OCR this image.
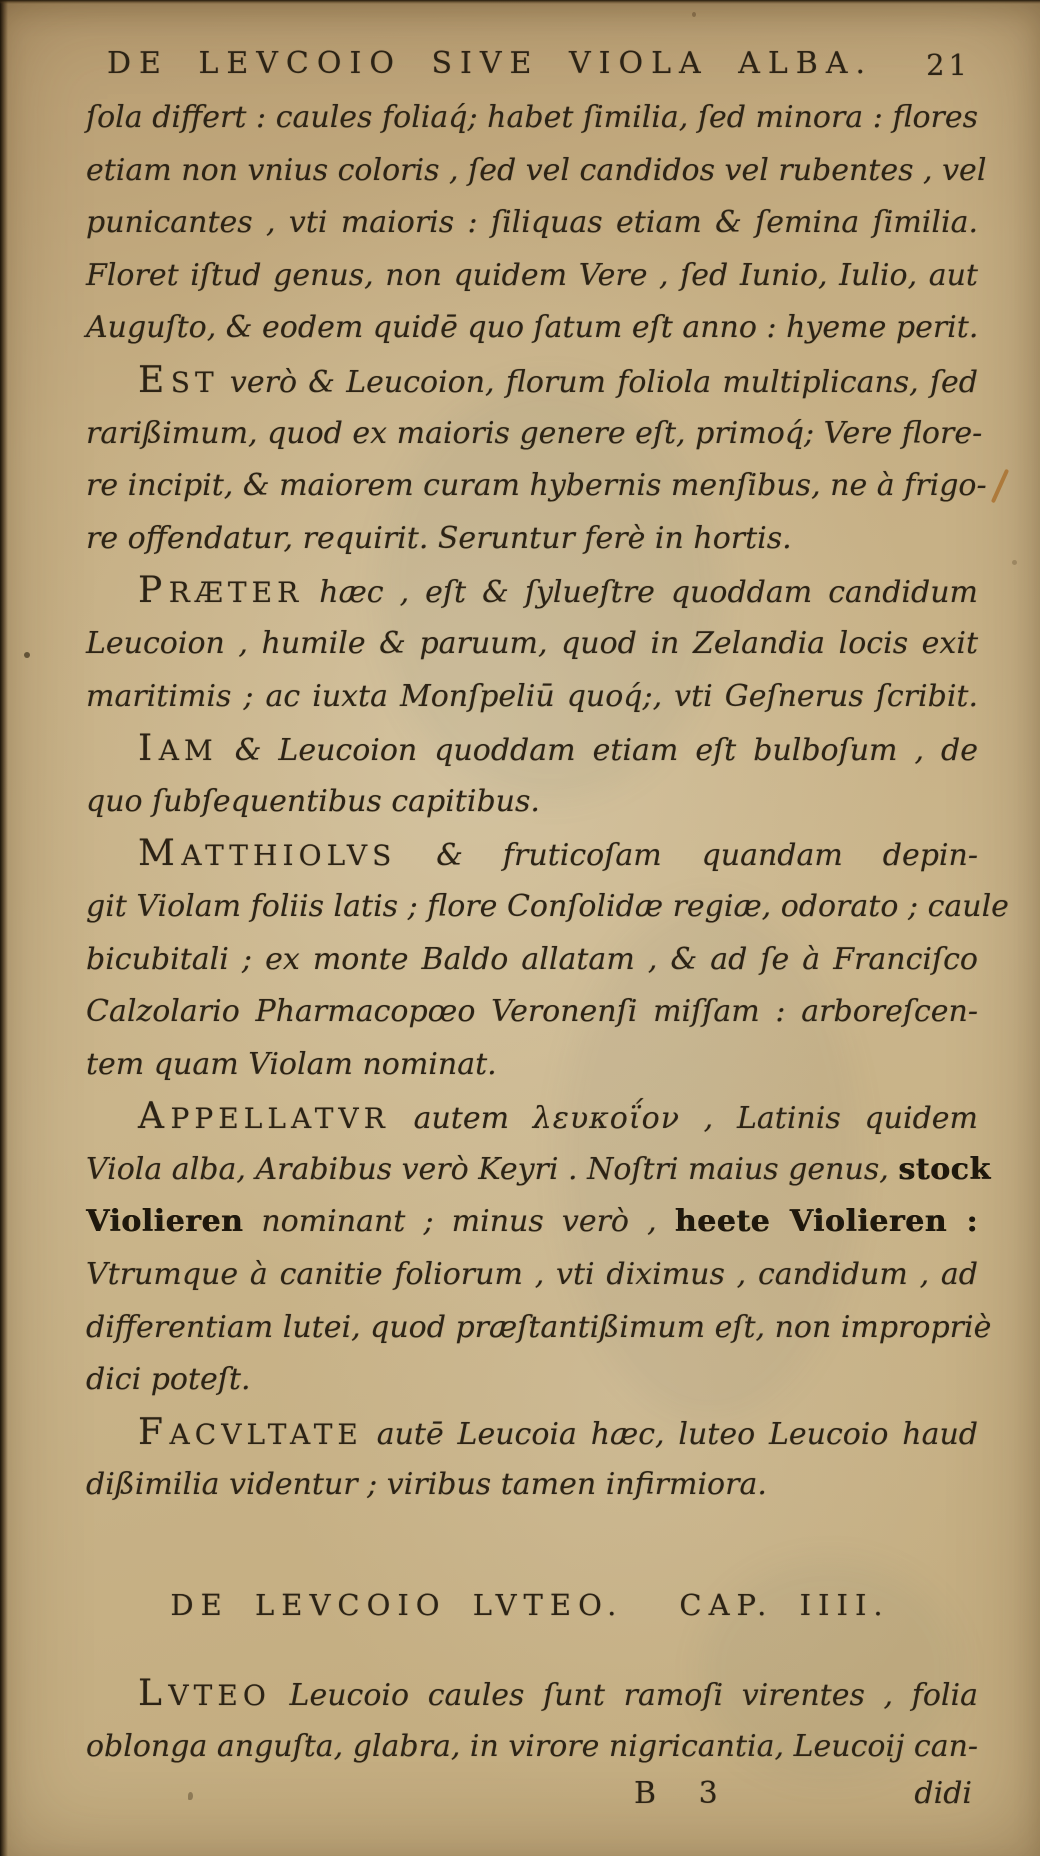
DE LEVCOIO SIVE VIOLA ALBA.	21
ſola differt : caules foliaq́; habet ſimilia, ſed minora : flores
etiam non vnius coloris , ſed vel candidos vel rubentes , vel
punicantes , vti maioris : ſiliquas etiam & ſemina ſimilia.
Floret iſtud genus, non quidem Vere , ſed Iunio, Iulio, aut
Auguſto, & eodem quidē quo ſatum eſt anno : hyeme perit.
EST verò & Leucoion, florum foliola multiplicans, ſed
rarißimum, quod ex maioris genere eſt, primoq́; Vere flore-
re incipit, & maiorem curam hybernis menſibus, ne à frigo-
re offendatur, requirit. Seruntur ferè in hortis.
PRÆTER hæc , eſt & ſylueſtre quoddam candidum
Leucoion , humile & paruum, quod in Zelandia locis exit
maritimis ; ac iuxta Monſpeliū quoq́;, vti Geſnerus ſcribit.
IAM & Leucoion quoddam etiam eſt bulboſum , de
quo ſubſequentibus capitibus.
MATTHIOLVS & fruticoſam quandam depin-
git Violam foliis latis ; flore Conſolidæ regiæ, odorato ; caule
bicubitali ; ex monte Baldo allatam , & ad ſe à Franciſco
Calzolario Pharmacopœo Veronenſi miſſam : arboreſcen-
tem quam Violam nominat.
APPELLATVR autem λευκοΐον , Latinis quidem
Viola alba, Arabibus verò Keyri . Noſtri maius genus, stock
Violieren nominant ; minus verò , heete Violieren :
Vtrumque à canitie foliorum , vti diximus , candidum , ad
differentiam lutei, quod præſtantißimum eſt, non impropriè
dici poteſt.
FACVLTATE autē Leucoia hæc, luteo Leucoio haud
dißimilia videntur ; viribus tamen infirmiora.
DE LEVCOIO LVTEO. CAP. IIII.
LVTEO Leucoio caules ſunt ramoſi virentes , folia
oblonga anguſta, glabra, in virore nigricantia, Leucoij can-
B 3	didi
